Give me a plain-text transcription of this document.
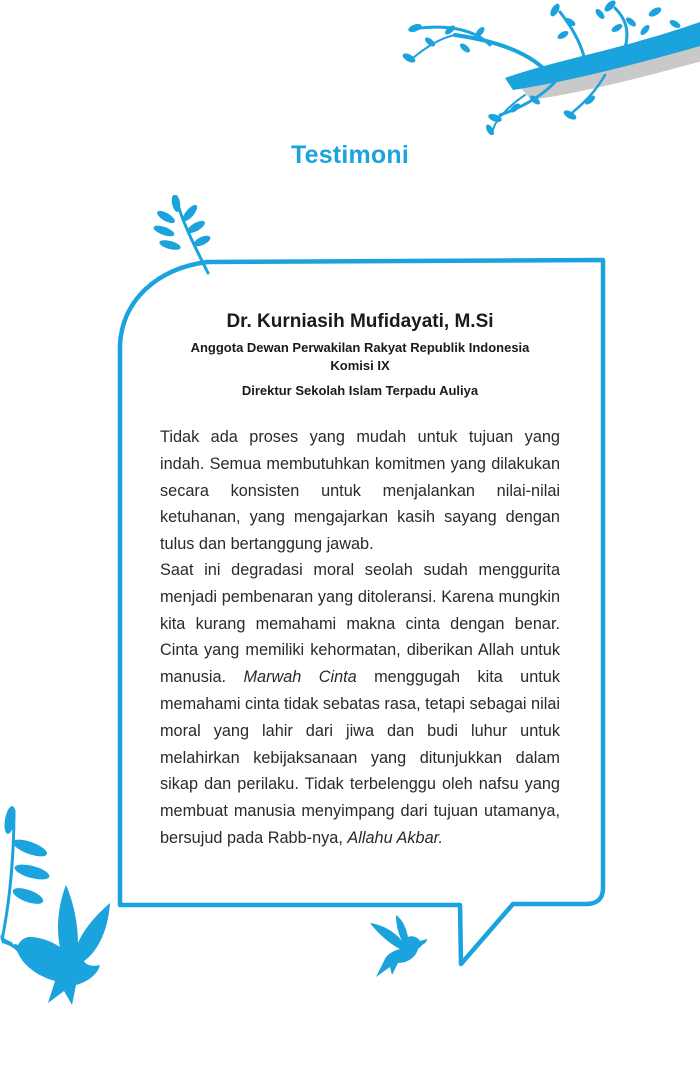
Testimoni
Dr. Kurniasih Mufidayati, M.Si
Anggota Dewan Perwakilan Rakyat Republik Indonesia
Komisi IX
Direktur Sekolah Islam Terpadu Auliya

Tidak ada proses yang mudah untuk tujuan yang indah. Semua membutuhkan komitmen yang dilakukan secara konsisten untuk menjalankan nilai-nilai ketuhanan, yang mengajarkan kasih sayang dengan tulus dan bertanggung jawab.

Saat ini degradasi moral seolah sudah menggurita menjadi pembenaran yang ditoleransi. Karena mungkin kita kurang memahami makna cinta dengan benar. Cinta yang memiliki kehormatan, diberikan Allah untuk manusia. Marwah Cinta menggugah kita untuk memahami cinta tidak sebatas rasa, tetapi sebagai nilai moral yang lahir dari jiwa dan budi luhur untuk melahirkan kebijaksanaan yang ditunjukkan dalam sikap dan perilaku. Tidak terbelenggu oleh nafsu yang membuat manusia menyimpang dari tujuan utamanya, bersujud pada Rabb-nya, Allahu Akbar.
